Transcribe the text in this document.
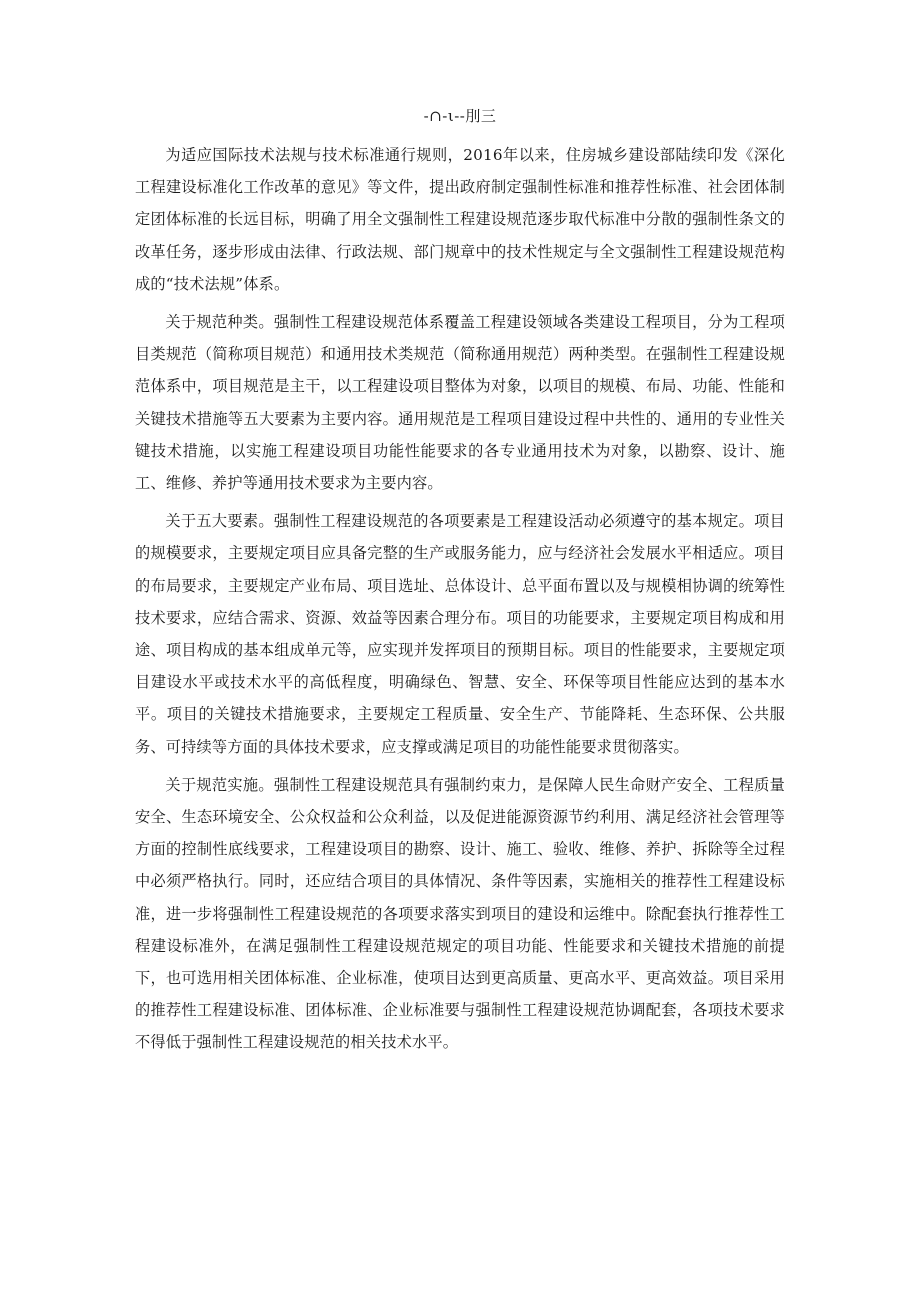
-∩-ι--刖三

为适应国际技术法规与技术标准通行规则，2016年以来，住房城乡建设部陆续印发《深化工程建设标准化工作改革的意见》等文件，提出政府制定强制性标准和推荐性标准、社会团体制定团体标准的长远目标，明确了用全文强制性工程建设规范逐步取代标准中分散的强制性条文的改革任务，逐步形成由法律、行政法规、部门规章中的技术性规定与全文强制性工程建设规范构成的“技术法规”体系。

关于规范种类。强制性工程建设规范体系覆盖工程建设领域各类建设工程项目，分为工程项目类规范（简称项目规范）和通用技术类规范（简称通用规范）两种类型。在强制性工程建设规范体系中，项目规范是主干，以工程建设项目整体为对象，以项目的规模、布局、功能、性能和关键技术措施等五大要素为主要内容。通用规范是工程项目建设过程中共性的、通用的专业性关键技术措施，以实施工程建设项目功能性能要求的各专业通用技术为对象，以勘察、设计、施工、维修、养护等通用技术要求为主要内容。

关于五大要素。强制性工程建设规范的各项要素是工程建设活动必须遵守的基本规定。项目的规模要求，主要规定项目应具备完整的生产或服务能力，应与经济社会发展水平相适应。项目的布局要求，主要规定产业布局、项目选址、总体设计、总平面布置以及与规模相协调的统筹性技术要求，应结合需求、资源、效益等因素合理分布。项目的功能要求，主要规定项目构成和用途、项目构成的基本组成单元等，应实现并发挥项目的预期目标。项目的性能要求，主要规定项目建设水平或技术水平的高低程度，明确绿色、智慧、安全、环保等项目性能应达到的基本水平。项目的关键技术措施要求，主要规定工程质量、安全生产、节能降耗、生态环保、公共服务、可持续等方面的具体技术要求，应支撑或满足项目的功能性能要求贯彻落实。

关于规范实施。强制性工程建设规范具有强制约束力，是保障人民生命财产安全、工程质量安全、生态环境安全、公众权益和公众利益，以及促进能源资源节约利用、满足经济社会管理等方面的控制性底线要求，工程建设项目的勘察、设计、施工、验收、维修、养护、拆除等全过程中必须严格执行。同时，还应结合项目的具体情况、条件等因素，实施相关的推荐性工程建设标准，进一步将强制性工程建设规范的各项要求落实到项目的建设和运维中。除配套执行推荐性工程建设标准外，在满足强制性工程建设规范规定的项目功能、性能要求和关键技术措施的前提下，也可选用相关团体标准、企业标准，使项目达到更高质量、更高水平、更高效益。项目采用的推荐性工程建设标准、团体标准、企业标准要与强制性工程建设规范协调配套，各项技术要求不得低于强制性工程建设规范的相关技术水平。
